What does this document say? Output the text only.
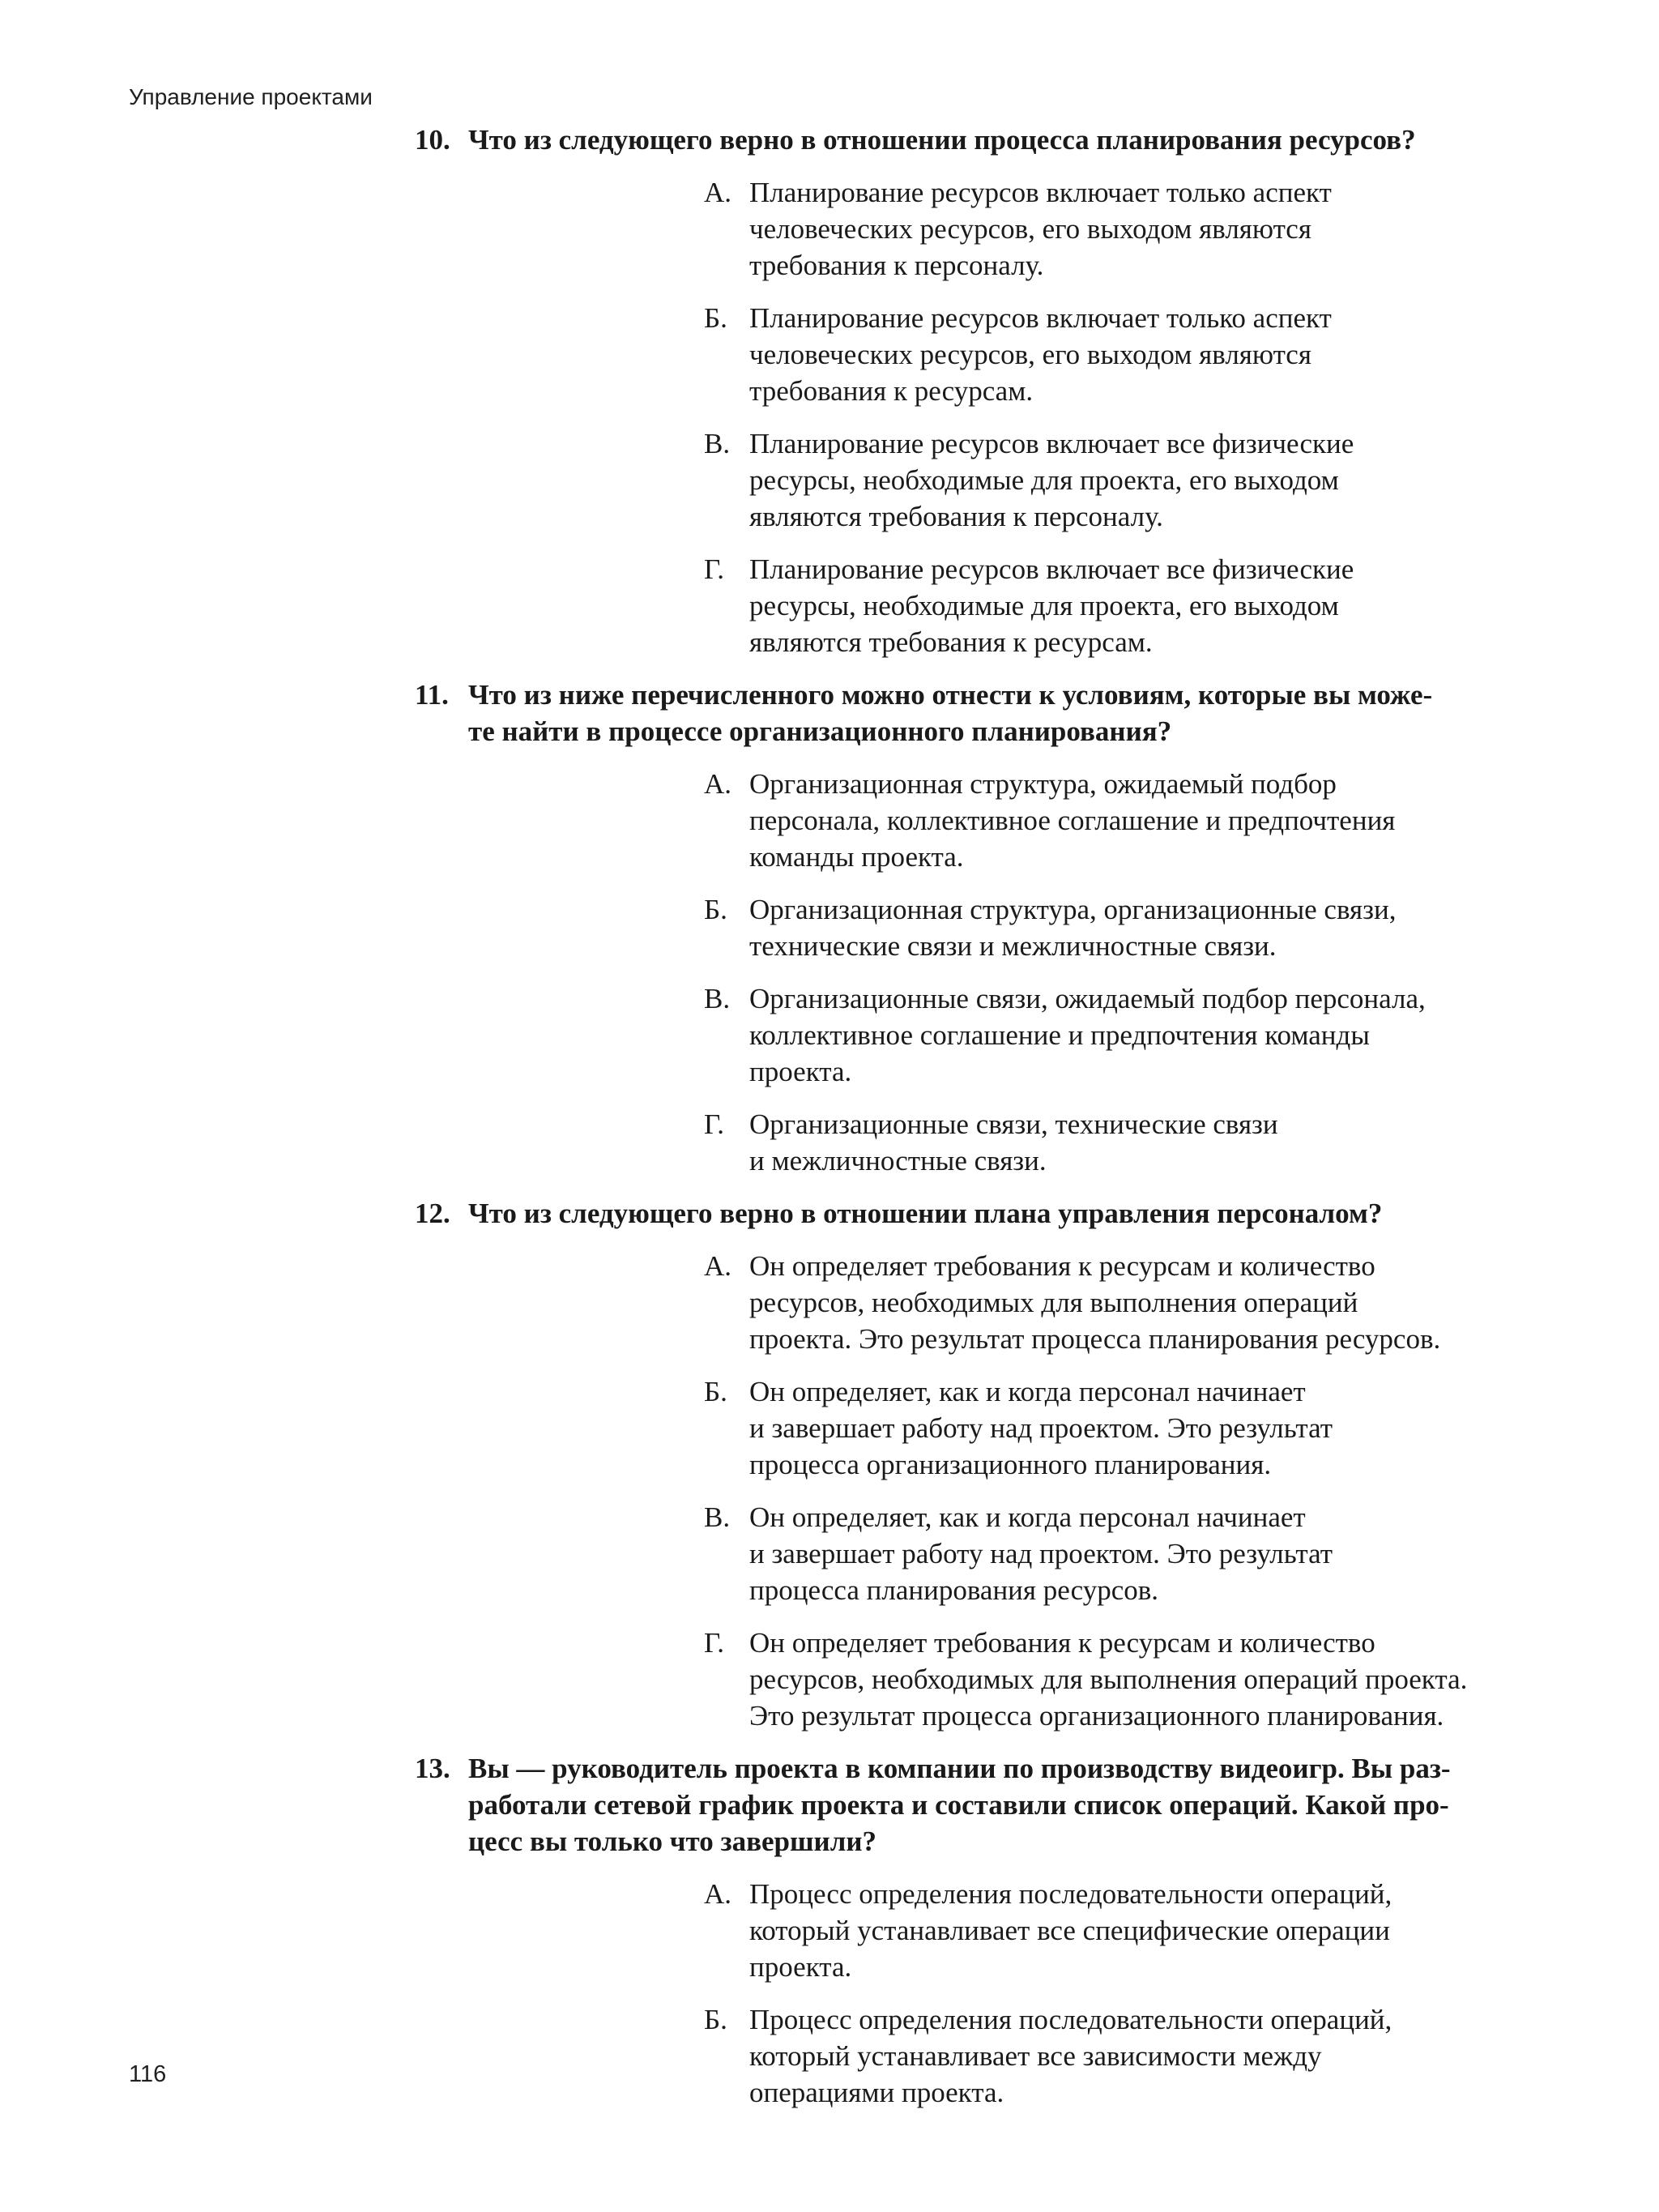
Управление проектами
10. Что из следующего верно в отношении процесса планирования ресурсов?
А. Планирование ресурсов включает только аспект
человеческих ресурсов, его выходом являются
требования к персоналу.
Б. Планирование ресурсов включает только аспект
человеческих ресурсов, его выходом являются
требования к ресурсам.
В. Планирование ресурсов включает все физические
ресурсы, необходимые для проекта, его выходом
являются требования к персоналу.
Г. Планирование ресурсов включает все физические
ресурсы, необходимые для проекта, его выходом
являются требования к ресурсам.
11. Что из ниже перечисленного можно отнести к условиям, которые вы може-
те найти в процессе организационного планирования?
А. Организационная структура, ожидаемый подбор
персонала, коллективное соглашение и предпочтения
команды проекта.
Б. Организационная структура, организационные связи,
технические связи и межличностные связи.
В. Организационные связи, ожидаемый подбор персонала,
коллективное соглашение и предпочтения команды
проекта.
Г. Организационные связи, технические связи
и межличностные связи.
12. Что из следующего верно в отношении плана управления персоналом?
А. Он определяет требования к ресурсам и количество
ресурсов, необходимых для выполнения операций
проекта. Это результат процесса планирования ресурсов.
Б. Он определяет, как и когда персонал начинает
и завершает работу над проектом. Это результат
процесса организационного планирования.
В. Он определяет, как и когда персонал начинает
и завершает работу над проектом. Это результат
процесса планирования ресурсов.
Г. Он определяет требования к ресурсам и количество
ресурсов, необходимых для выполнения операций проекта.
Это результат процесса организационного планирования.
13. Вы — руководитель проекта в компании по производству видеоигр. Вы раз-
работали сетевой график проекта и составили список операций. Какой про-
цесс вы только что завершили?
А. Процесс определения последовательности операций,
который устанавливает все специфические операции
проекта.
Б. Процесс определения последовательности операций,
который устанавливает все зависимости между
операциями проекта.
116
